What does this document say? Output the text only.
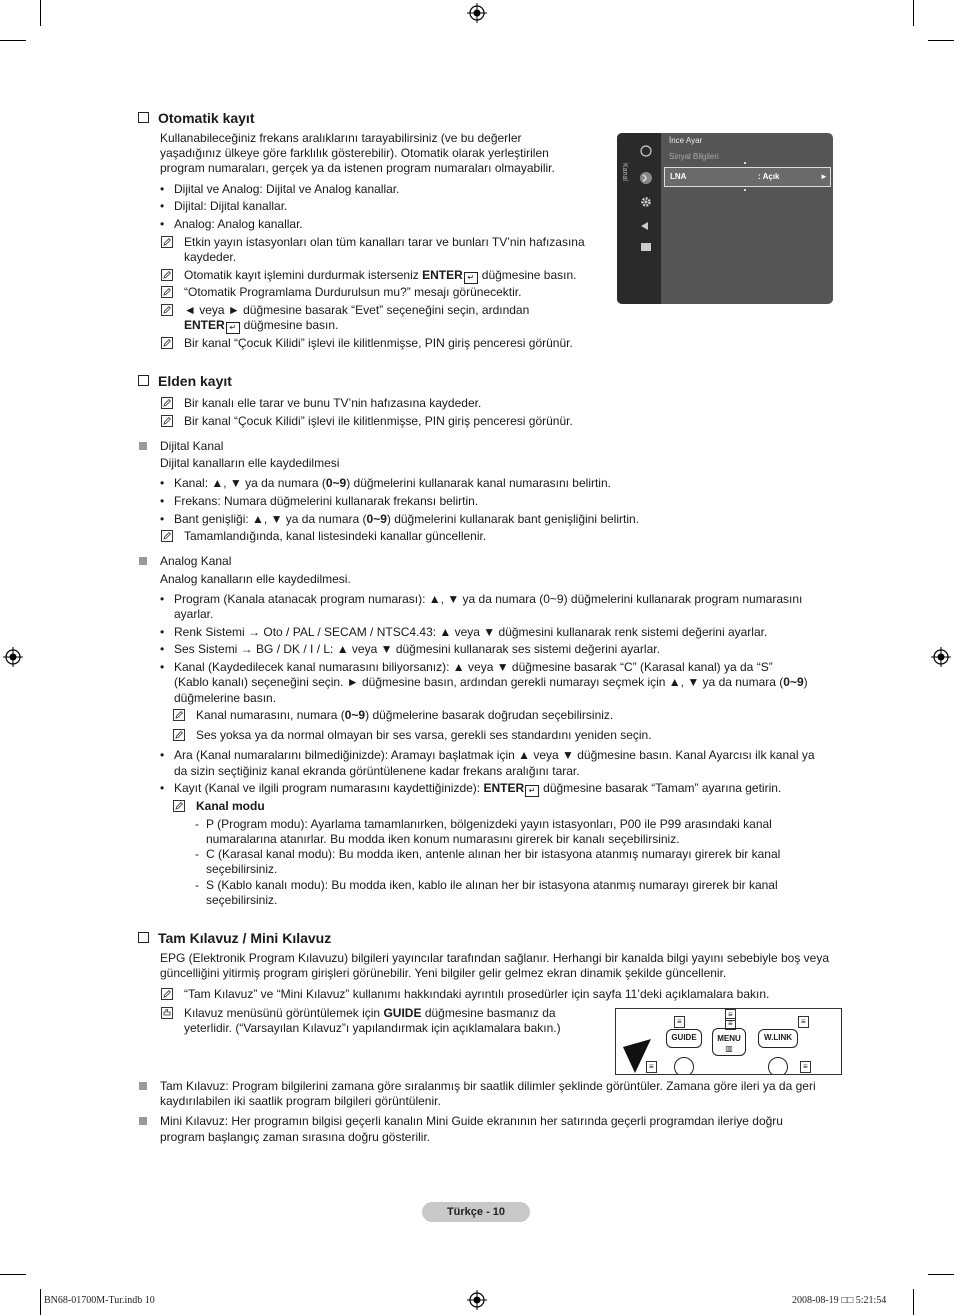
Otomatik kayıt
Kullanabileceğiniz frekans aralıklarını tarayabilirsiniz (ve bu değerler
yaşadığınız ülkeye göre farklılık gösterebilir). Otomatik olarak yerleştirilen
program numaraları, gerçek ya da istenen program numaraları olmayabilir.
• Dijital ve Analog: Dijital ve Analog kanallar.
• Dijital: Dijital kanallar.
• Analog: Analog kanallar.
Etkin yayın istasyonları olan tüm kanalları tarar ve bunları TV’nin hafızasına
kaydeder.
Otomatik kayıt işlemini durdurmak isterseniz ENTER ↵ düğmesine basın.
“Otomatik Programlama Durdurulsun mu?” mesajı görünecektir.
◄ veya ► düğmesine basarak “Evet” seçeneğini seçin, ardından
ENTER ↵ düğmesine basın.
Bir kanal “Çocuk Kilidi” işlevi ile kilitlenmişse, PIN giriş penceresi görünür.
Kanal
İnce Ayar
Sinyal Bilgileri
LNA	: Açık	►
Elden kayıt
Bir kanalı elle tarar ve bunu TV’nin hafızasına kaydeder.
Bir kanal “Çocuk Kilidi” işlevi ile kilitlenmişse, PIN giriş penceresi görünür.
Dijital Kanal
Dijital kanalların elle kaydedilmesi
• Kanal: ▲, ▼ ya da numara (0~9) düğmelerini kullanarak kanal numarasını belirtin.
• Frekans: Numara düğmelerini kullanarak frekansı belirtin.
• Bant genişliği: ▲, ▼ ya da numara (0~9) düğmelerini kullanarak bant genişliğini belirtin.
Tamamlandığında, kanal listesindeki kanallar güncellenir.
Analog Kanal
Analog kanalların elle kaydedilmesi.
• Program (Kanala atanacak program numarası): ▲, ▼ ya da numara (0~9) düğmelerini kullanarak program numarasını
ayarlar.
• Renk Sistemi → Oto / PAL / SECAM / NTSC4.43: ▲ veya ▼ düğmesini kullanarak renk sistemi değerini ayarlar.
• Ses Sistemi → BG / DK / I / L: ▲ veya ▼ düğmesini kullanarak ses sistemi değerini ayarlar.
• Kanal (Kaydedilecek kanal numarasını biliyorsanız): ▲ veya ▼ düğmesine basarak “C” (Karasal kanal) ya da “S”
(Kablo kanalı) seçeneğini seçin. ► düğmesine basın, ardından gerekli numarayı seçmek için ▲, ▼ ya da numara (0~9)
düğmelerine basın.
Kanal numarasını, numara (0~9) düğmelerine basarak doğrudan seçebilirsiniz.
Ses yoksa ya da normal olmayan bir ses varsa, gerekli ses standardını yeniden seçin.
• Ara (Kanal numaralarını bilmediğinizde): Aramayı başlatmak için ▲ veya ▼ düğmesine basın. Kanal Ayarcısı ilk kanal ya
da sizin seçtiğiniz kanal ekranda görüntülenene kadar frekans aralığını tarar.
• Kayıt (Kanal ve ilgili program numarasını kaydettiğinizde): ENTER ↵ düğmesine basarak “Tamam” ayarına getirin.
Kanal modu
- P (Program modu): Ayarlama tamamlanırken, bölgenizdeki yayın istasyonları, P00 ile P99 arasındaki kanal
numaralarına atanırlar. Bu modda iken konum numarasını girerek bir kanalı seçebilirsiniz.
- C (Karasal kanal modu): Bu modda iken, antenle alınan her bir istasyona atanmış numarayı girerek bir kanal
seçebilirsiniz.
- S (Kablo kanalı modu): Bu modda iken, kablo ile alınan her bir istasyona atanmış numarayı girerek bir kanal
seçebilirsiniz.
Tam Kılavuz / Mini Kılavuz
EPG (Elektronik Program Kılavuzu) bilgileri yayıncılar tarafından sağlanır. Herhangi bir kanalda bilgi yayını sebebiyle boş veya
güncelliğini yitirmiş program girişleri görünebilir. Yeni bilgiler gelir gelmez ekran dinamik şekilde güncellenir.
“Tam Kılavuz” ve “Mini Kılavuz” kullanımı hakkındaki ayrıntılı prosedürler için sayfa 11’deki açıklamalara bakın.
Kılavuz menüsünü görüntülemek için GUIDE düğmesine basmanız da
yeterlidir. (“Varsayılan Kılavuz”ı yapılandırmak için açıklamalara bakın.)	≡
≡
≡	≡
GUIDE	MENU
▥
W.LINK
≡	≡
Tam Kılavuz: Program bilgilerini zamana göre sıralanmış bir saatlik dilimler şeklinde görüntüler. Zamana göre ileri ya da geri
kaydırılabilen iki saatlik program bilgileri görüntülenir.
Mini Kılavuz: Her programın bilgisi geçerli kanalın Mini Guide ekranının her satırında geçerli programdan ileriye doğru
program başlangıç zaman sırasına doğru gösterilir.
Türkçe - 10
BN68-01700M-Tur.indb 10	2008-08-19 □□ 5:21:54
